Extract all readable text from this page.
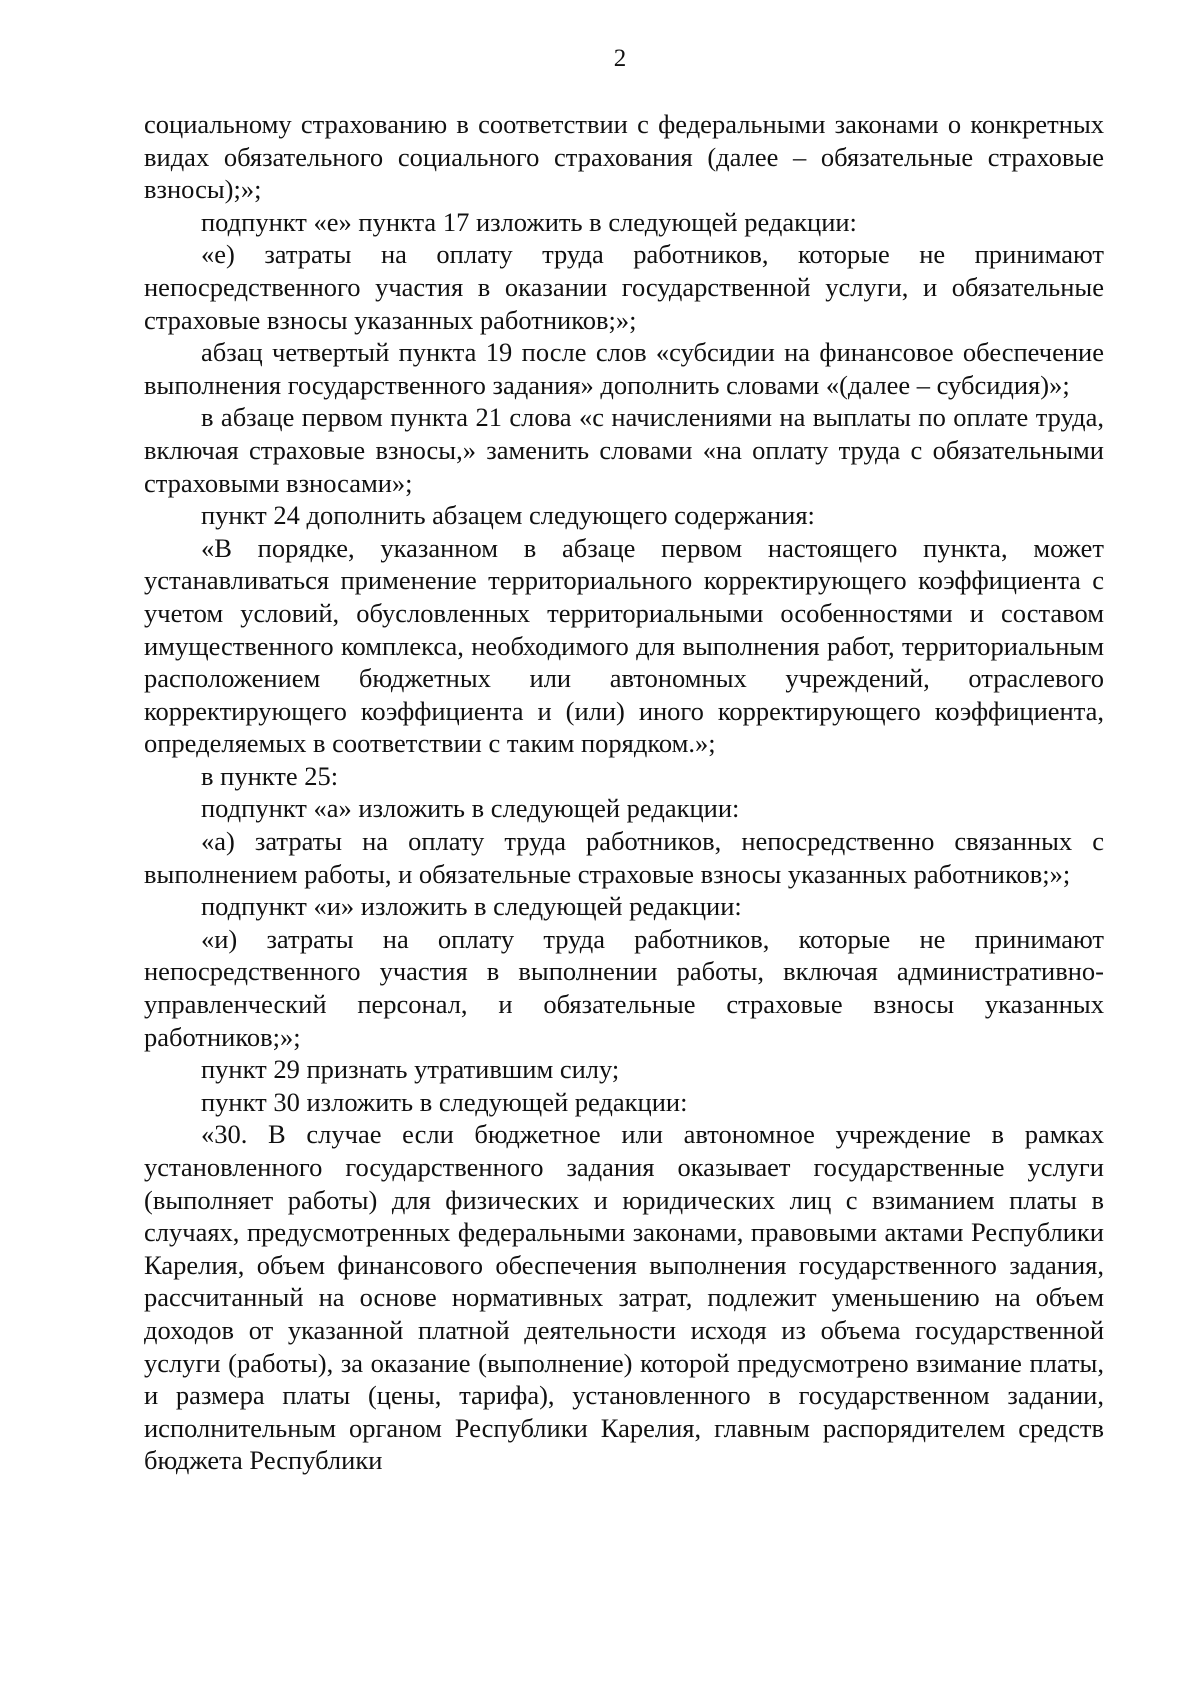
2

социальному страхованию в соответствии с федеральными законами о конкретных видах обязательного социального страхования (далее – обязательные страховые взносы);»;

подпункт «е» пункта 17 изложить в следующей редакции:

«е) затраты на оплату труда работников, которые не принимают непосредственного участия в оказании государственной услуги, и обязательные страховые взносы указанных работников;»;

абзац четвертый пункта 19 после слов «субсидии на финансовое обеспечение выполнения государственного задания» дополнить словами «(далее – субсидия)»;

в абзаце первом пункта 21 слова «с начислениями на выплаты по оплате труда, включая страховые взносы,» заменить словами «на оплату труда с обязательными страховыми взносами»;

пункт 24 дополнить абзацем следующего содержания:

«В порядке, указанном в абзаце первом настоящего пункта, может устанавливаться применение территориального корректирующего коэффициента с учетом условий, обусловленных территориальными особенностями и составом имущественного комплекса, необходимого для выполнения работ, территориальным расположением бюджетных или автономных учреждений, отраслевого корректирующего коэффициента и (или) иного корректирующего коэффициента, определяемых в соответствии с таким порядком.»;

в пункте 25:

подпункт «а» изложить в следующей редакции:

«а) затраты на оплату труда работников, непосредственно связанных с выполнением работы, и обязательные страховые взносы указанных работников;»;

подпункт «и» изложить в следующей редакции:

«и) затраты на оплату труда работников, которые не принимают непосредственного участия в выполнении работы, включая административно-управленческий персонал, и обязательные страховые взносы указанных работников;»;

пункт 29 признать утратившим силу;

пункт 30 изложить в следующей редакции:

«30. В случае если бюджетное или автономное учреждение в рамках установленного государственного задания оказывает государственные услуги (выполняет работы) для физических и юридических лиц с взиманием платы в случаях, предусмотренных федеральными законами, правовыми актами Республики Карелия, объем финансового обеспечения выполнения государственного задания, рассчитанный на основе нормативных затрат, подлежит уменьшению на объем доходов от указанной платной деятельности исходя из объема государственной услуги (работы), за оказание (выполнение) которой предусмотрено взимание платы, и размера платы (цены, тарифа), установленного в государственном задании, исполнительным органом Республики Карелия, главным распорядителем средств бюджета Республики
